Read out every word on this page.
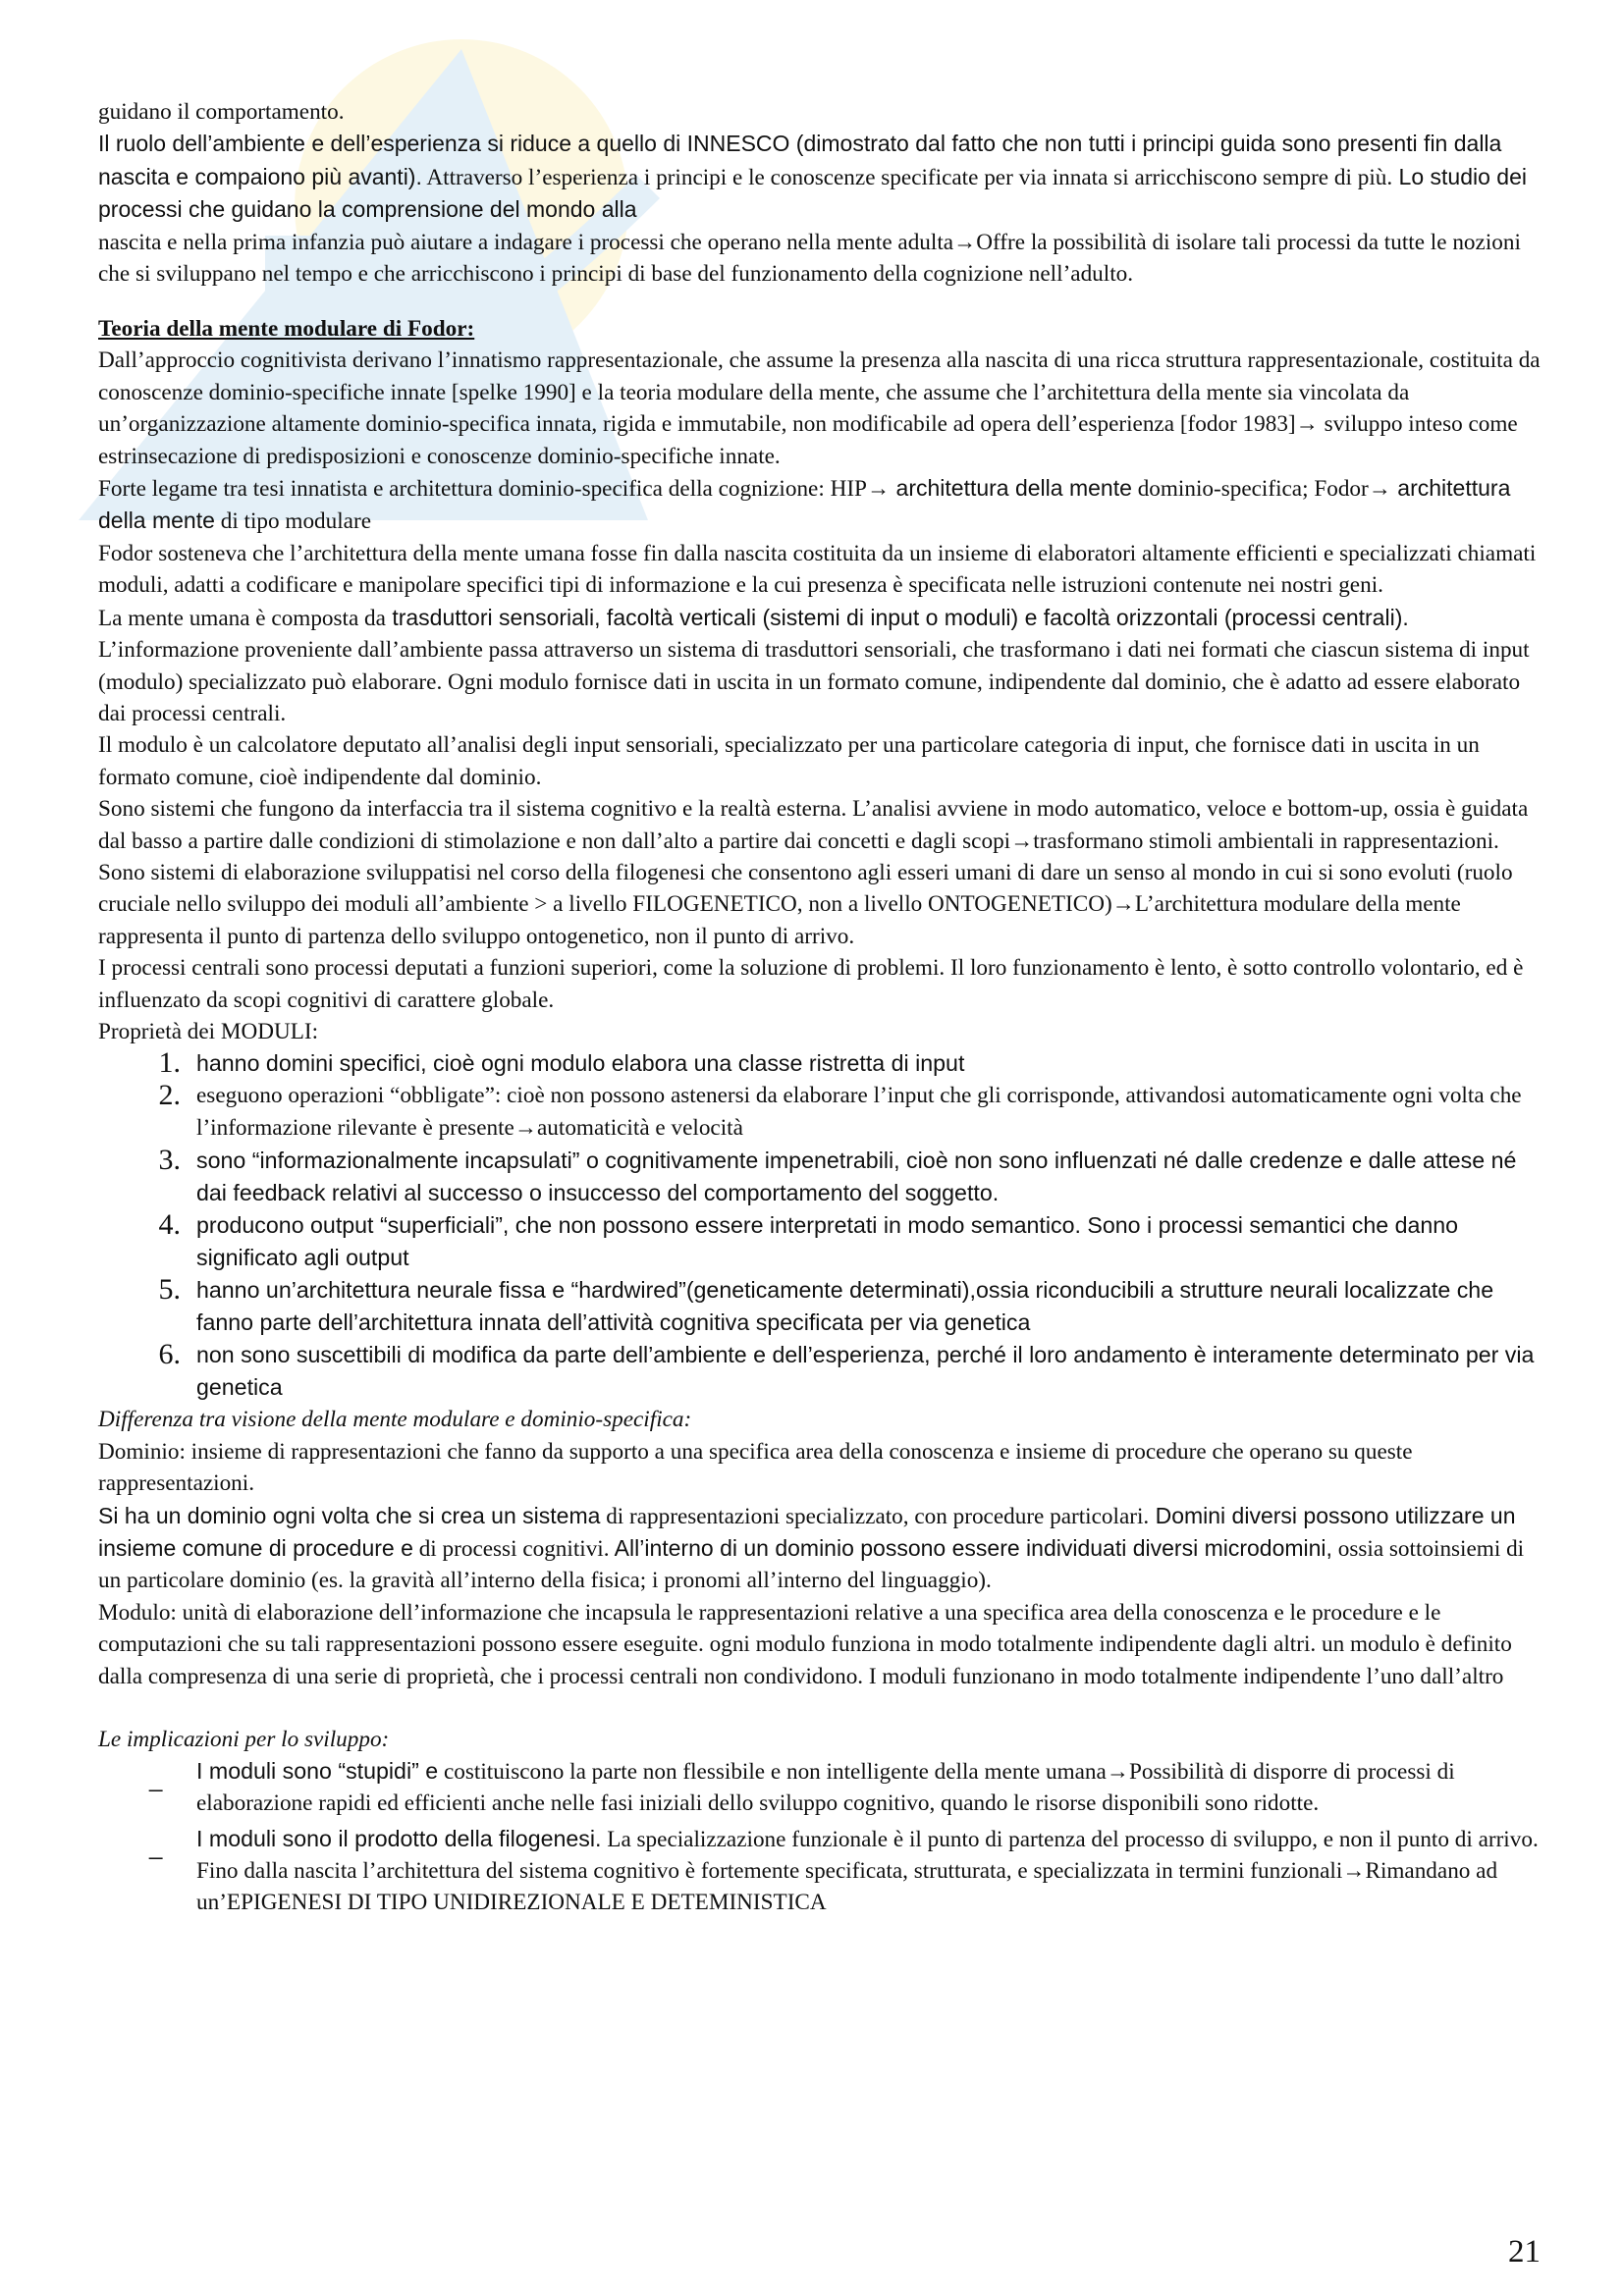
guidano il comportamento.

Il ruolo dell’ambiente e dell’esperienza si riduce a quello di INNESCO (dimostrato dal fatto che non tutti i principi guida sono presenti fin dalla nascita e compaiono più avanti). Attraverso l’esperienza i principi e le conoscenze specificate per via innata si arricchiscono sempre di più. Lo studio dei processi che guidano la comprensione del mondo alla
nascita e nella prima infanzia può aiutare a indagare i processi che operano nella mente adulta→Offre la possibilità di isolare tali processi da tutte le nozioni che si sviluppano nel tempo e che arricchiscono i principi di base del funzionamento della cognizione nell’adulto.

Teoria della mente modulare di Fodor:

Dall’approccio cognitivista derivano l’innatismo rappresentazionale, che assume la presenza alla nascita di una ricca struttura rappresentazionale, costituita da conoscenze dominio-specifiche innate [spelke 1990] e la teoria modulare della mente, che assume che l’architettura della mente sia vincolata da un’organizzazione altamente dominio-specifica innata, rigida e immutabile, non modificabile ad opera dell’esperienza [fodor 1983]→ sviluppo inteso come estrinsecazione di predisposizioni e conoscenze dominio-specifiche innate.

Forte legame tra tesi innatista e architettura dominio-specifica della cognizione: HIP→ architettura della mente dominio-specifica; Fodor→ architettura della mente di tipo modulare

Fodor sosteneva che l’architettura della mente umana fosse fin dalla nascita costituita da un insieme di elaboratori altamente efficienti e specializzati chiamati moduli, adatti a codificare e manipolare specifici tipi di informazione e la cui presenza è specificata nelle istruzioni contenute nei nostri geni.

La mente umana è composta da trasduttori sensoriali, facoltà verticali (sistemi di input o moduli) e facoltà orizzontali (processi centrali). L’informazione proveniente dall’ambiente passa attraverso un sistema di trasduttori sensoriali, che trasformano i dati nei formati che ciascun sistema di input (modulo) specializzato può elaborare. Ogni modulo fornisce dati in uscita in un formato comune, indipendente dal dominio, che è adatto ad essere elaborato dai processi centrali.

Il modulo è un calcolatore deputato all’analisi degli input sensoriali, specializzato per una particolare categoria di input, che fornisce dati in uscita in un formato comune, cioè indipendente dal dominio.

Sono sistemi che fungono da interfaccia tra il sistema cognitivo e la realtà esterna. L’analisi avviene in modo automatico, veloce e bottom-up, ossia è guidata dal basso a partire dalle condizioni di stimolazione e non dall’alto a partire dai concetti e dagli scopi→trasformano stimoli ambientali in rappresentazioni. Sono sistemi di elaborazione sviluppatisi nel corso della filogenesi che consentono agli esseri umani di dare un senso al mondo in cui si sono evoluti (ruolo cruciale nello sviluppo dei moduli all’ambiente > a livello FILOGENETICO, non a livello ONTOGENETICO)→L’architettura modulare della mente rappresenta il punto di partenza dello sviluppo ontogenetico, non il punto di arrivo.

I processi centrali sono processi deputati a funzioni superiori, come la soluzione di problemi. Il loro funzionamento è lento, è sotto controllo volontario, ed è influenzato da scopi cognitivi di carattere globale.

Proprietà dei MODULI:

1. hanno domini specifici, cioè ogni modulo elabora una classe ristretta di input
2. eseguono operazioni “obbligate”: cioè non possono astenersi da elaborare l’input che gli corrisponde, attivandosi automaticamente ogni volta che l’informazione rilevante è presente→automaticità e velocità
3. sono “informazionalmente incapsulati” o cognitivamente impenetrabili, cioè non sono influenzati né dalle credenze e dalle attese né dai feedback relativi al successo o insuccesso del comportamento del soggetto.
4. producono output “superficiali”, che non possono essere interpretati in modo semantico. Sono i processi semantici che danno significato agli output
5. hanno un’architettura neurale fissa e “hardwired”(geneticamente determinati),ossia riconducibili a strutture neurali localizzate che fanno parte dell’architettura innata dell’attività cognitiva specificata per via genetica
6. non sono suscettibili di modifica da parte dell’ambiente e dell’esperienza, perché il loro andamento è interamente determinato per via genetica

Differenza tra visione della mente modulare e dominio-specifica:

Dominio: insieme di rappresentazioni che fanno da supporto a una specifica area della conoscenza e insieme di procedure che operano su queste rappresentazioni.

Si ha un dominio ogni volta che si crea un sistema di rappresentazioni specializzato, con procedure particolari. Domini diversi possono utilizzare un insieme comune di procedure e di processi cognitivi. All’interno di un dominio possono essere individuati diversi microdomini, ossia sottoinsiemi di un particolare dominio (es. la gravità all’interno della fisica; i pronomi all’interno del linguaggio).

Modulo: unità di elaborazione dell’informazione che incapsula le rappresentazioni relative a una specifica area della conoscenza e le procedure e le computazioni che su tali rappresentazioni possono essere eseguite. ogni modulo funziona in modo totalmente indipendente dagli altri. un modulo è definito dalla compresenza di una serie di proprietà, che i processi centrali non condividono. I moduli funzionano in modo totalmente indipendente l’uno dall’altro

Le implicazioni per lo sviluppo:

_	I moduli sono “stupidi” e costituiscono la parte non flessibile e non intelligente della mente umana→Possibilità di disporre di processi di elaborazione rapidi ed efficienti anche nelle fasi iniziali dello sviluppo cognitivo, quando le risorse disponibili sono ridotte.
_	I moduli sono il prodotto della filogenesi. La specializzazione funzionale è il punto di partenza del processo di sviluppo, e non il punto di arrivo. Fino dalla nascita l’architettura del sistema cognitivo è fortemente specificata, strutturata, e specializzata in termini funzionali→Rimandano ad un’EPIGENESI DI TIPO UNIDIREZIONALE E DETEMINISTICA
21
